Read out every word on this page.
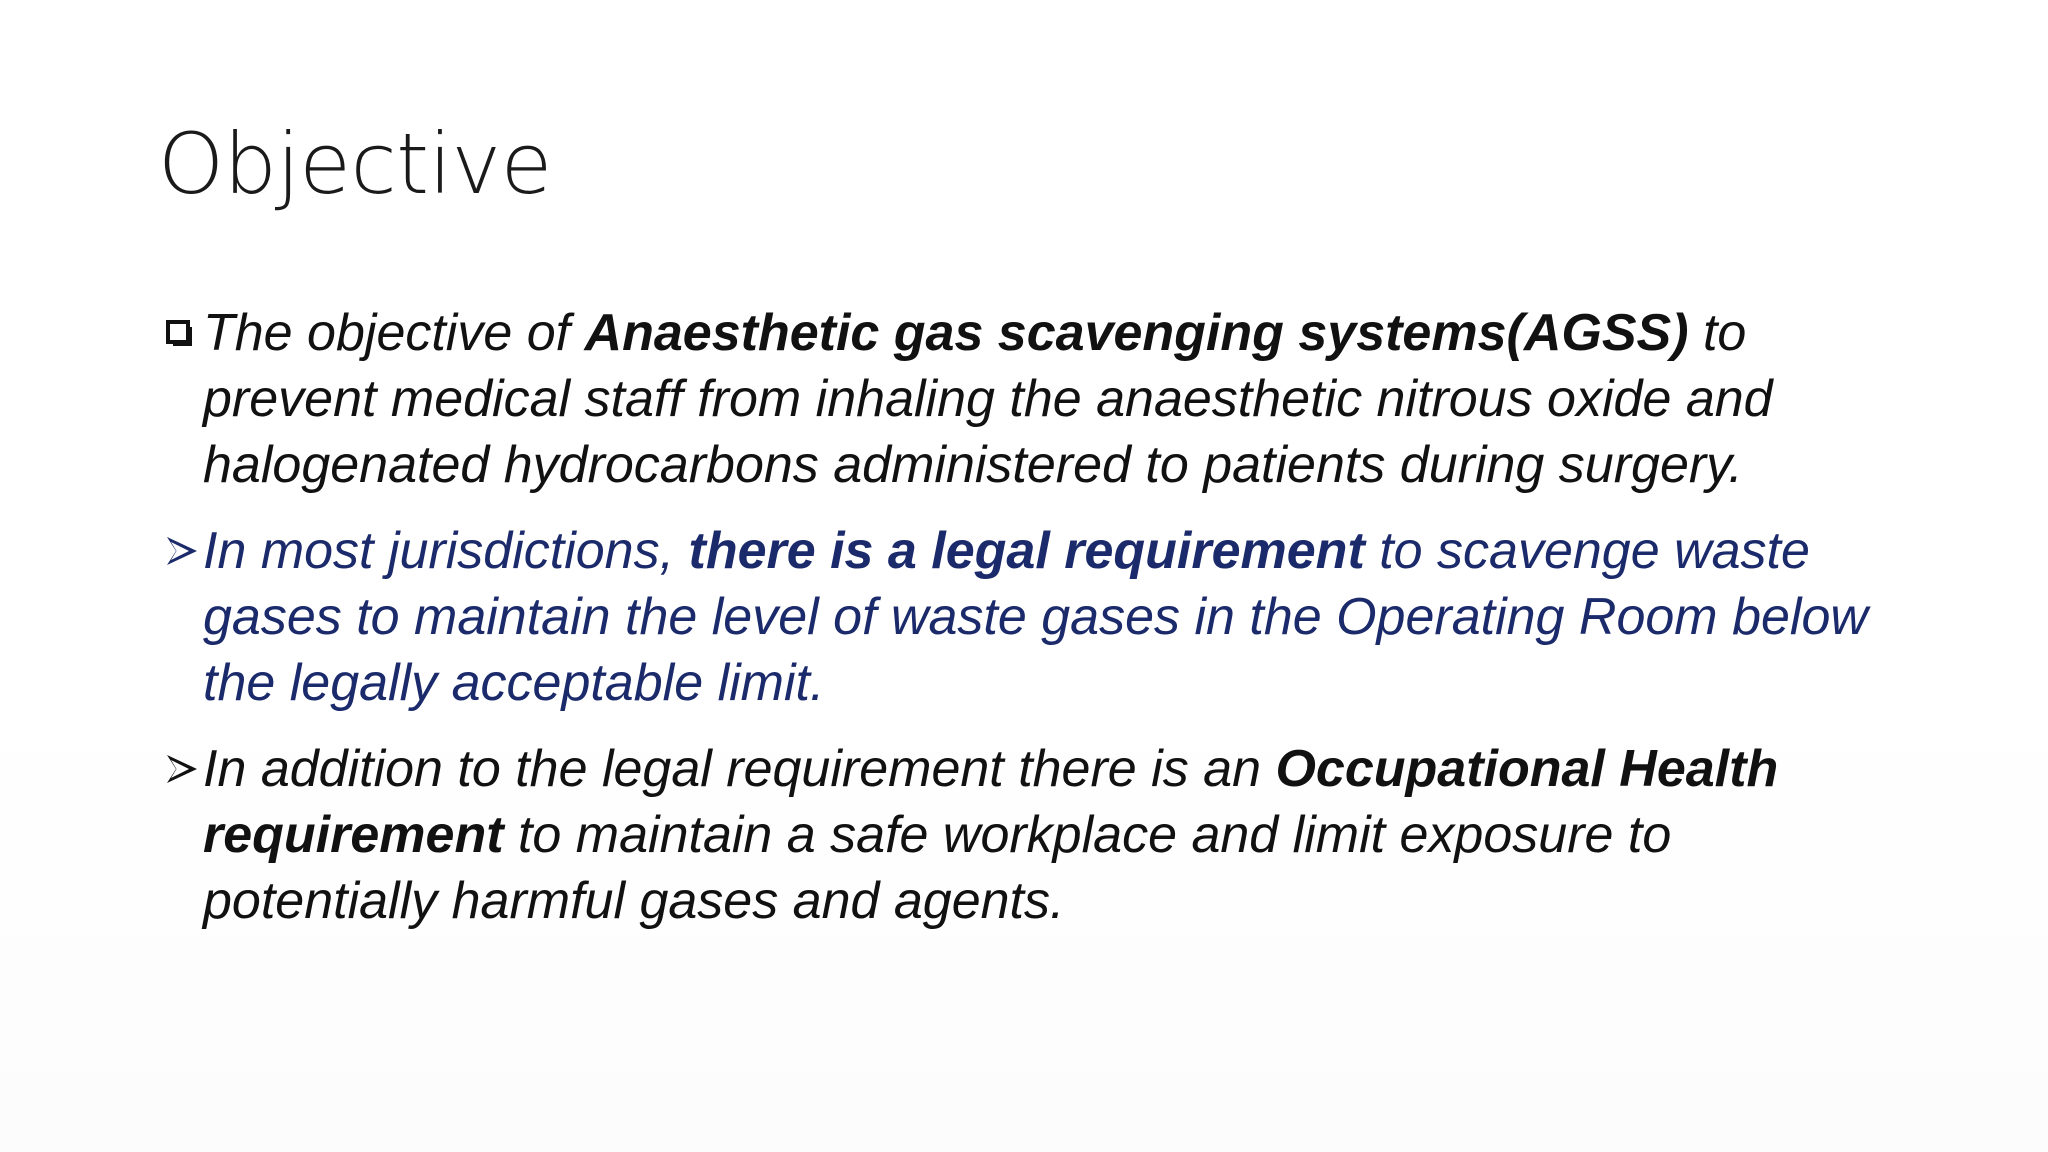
Objective
The objective of Anaesthetic gas scavenging systems(AGSS) to prevent medical staff from inhaling the anaesthetic nitrous oxide and halogenated hydrocarbons administered to patients during surgery.
In most jurisdictions, there is a legal requirement to scavenge waste gases to maintain the level of waste gases in the Operating Room below the legally acceptable limit.
In addition to the legal requirement there is an Occupational Health requirement to maintain a safe workplace and limit exposure to potentially harmful gases and agents.
